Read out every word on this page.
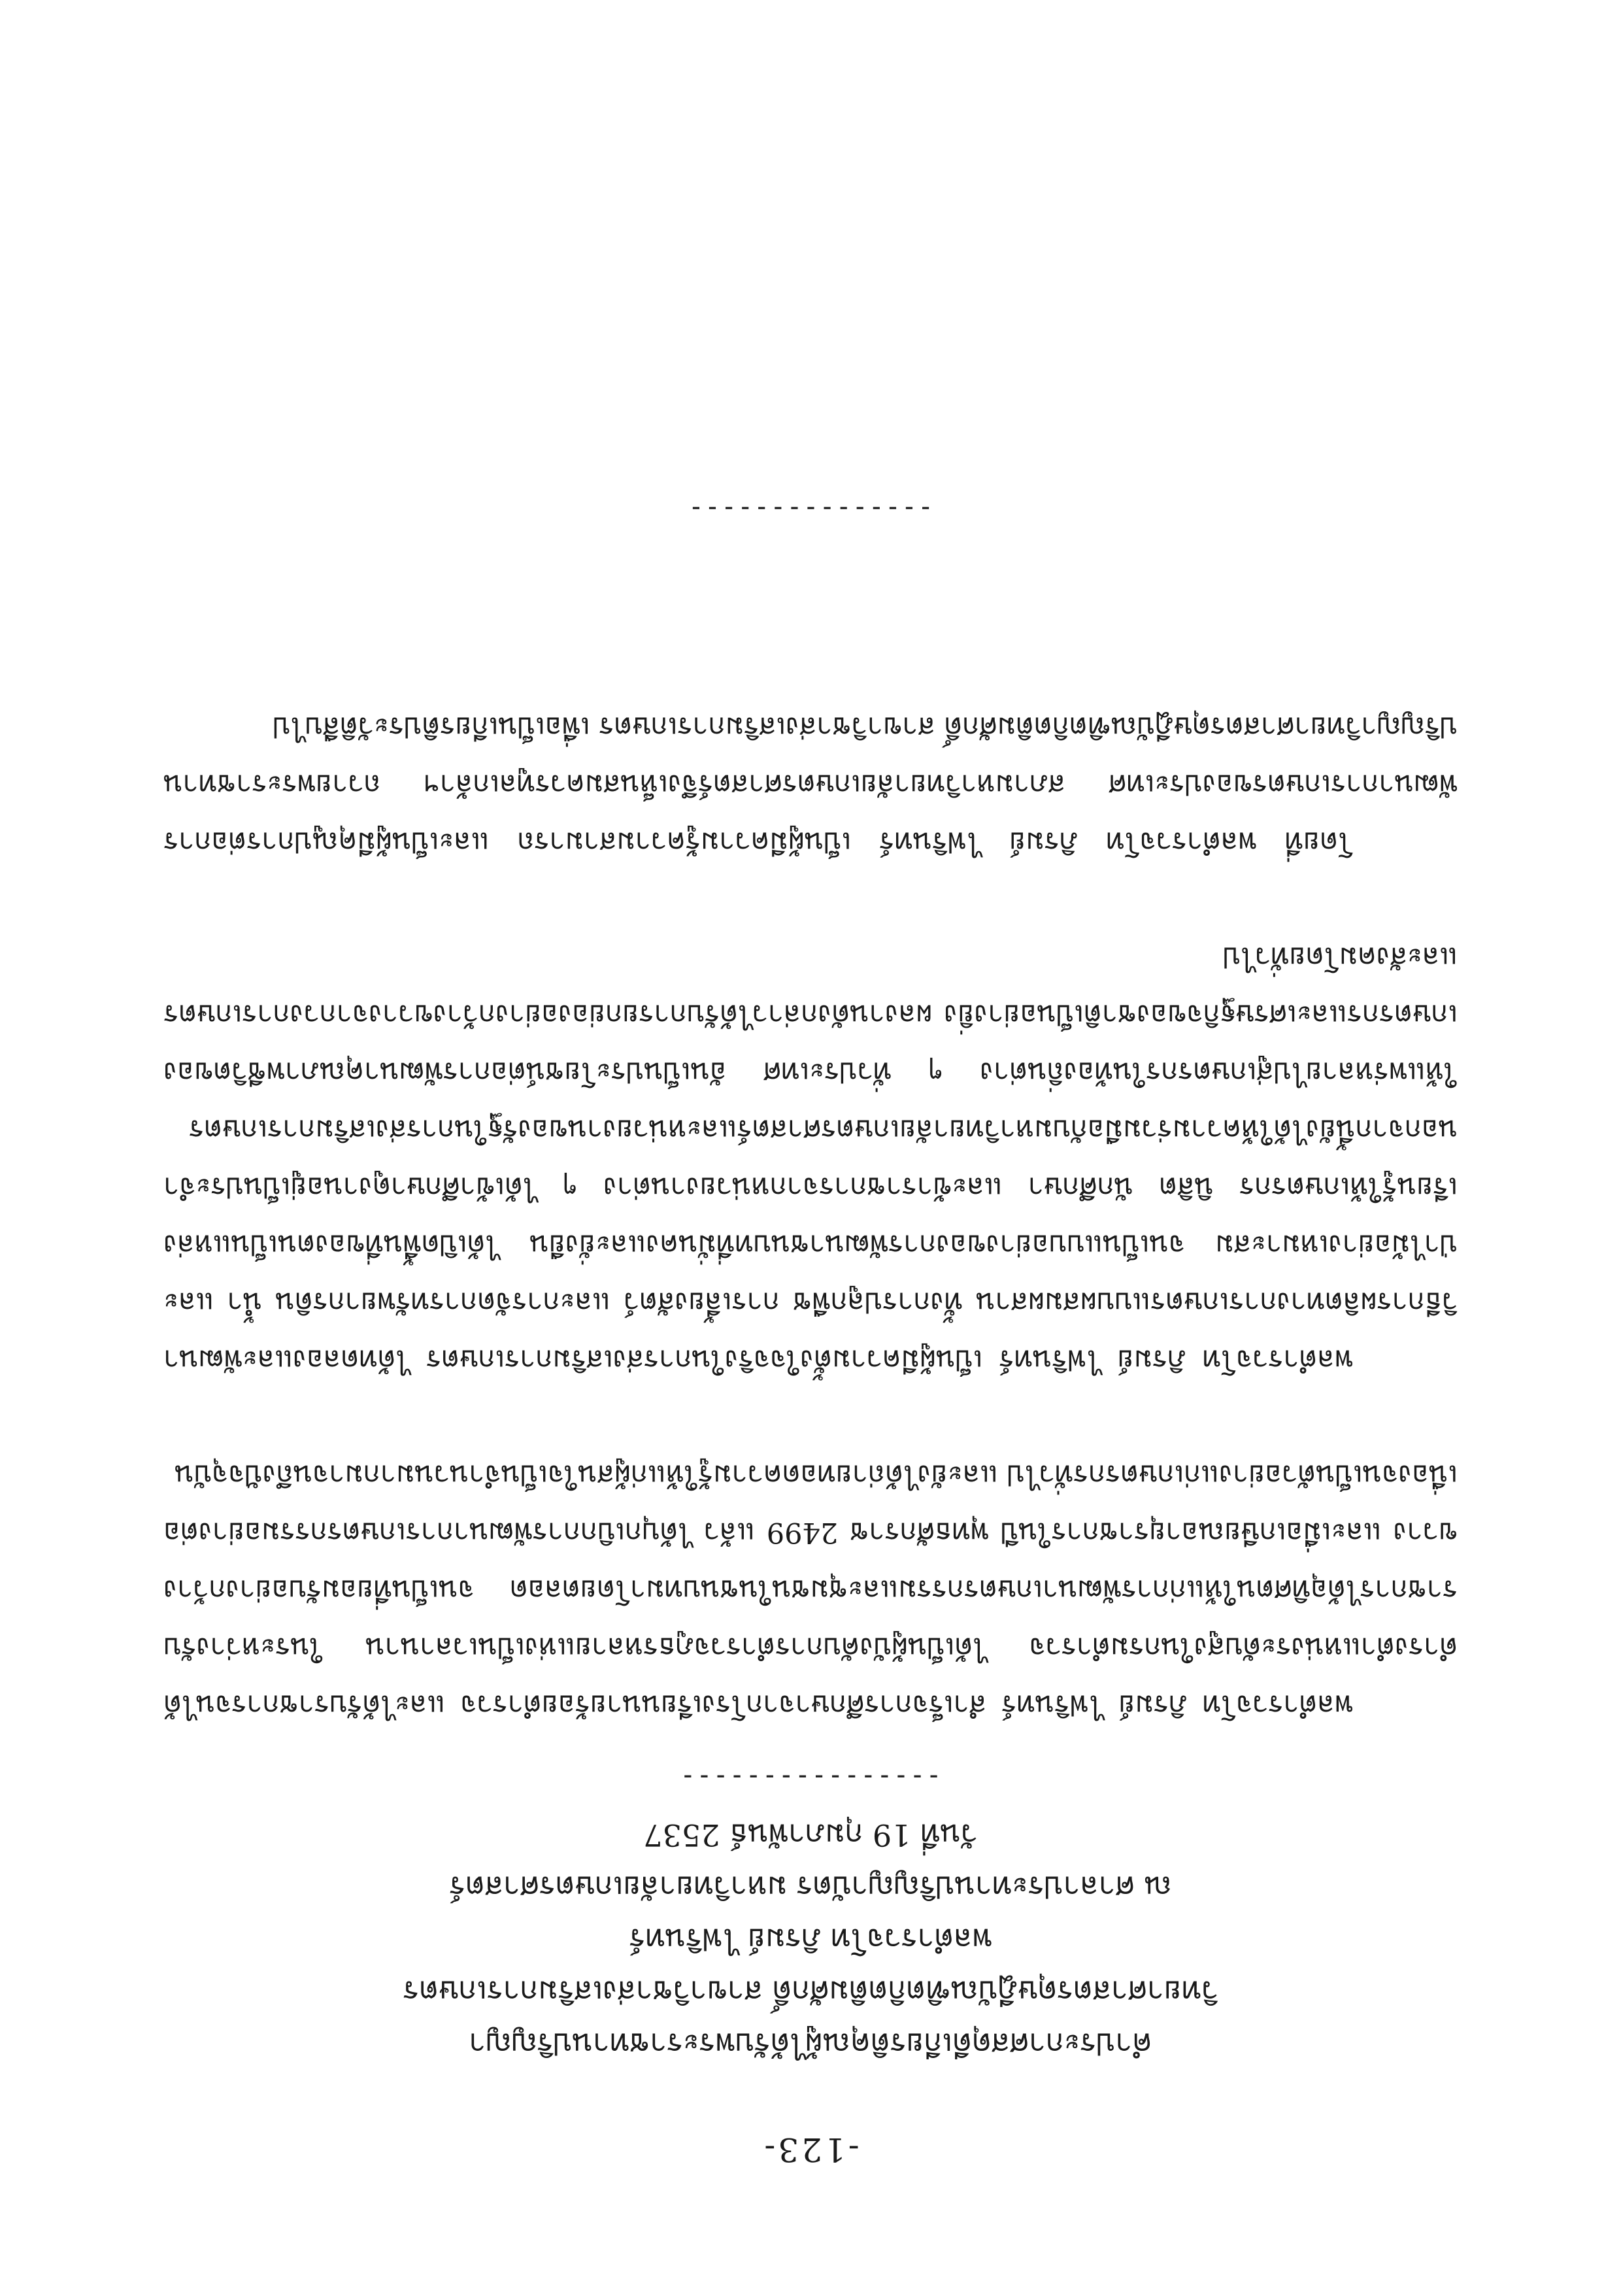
-123-
คำประกาศสดุดีเกียรติคุณผู้ได้รับพระราชทานปริญญา
วิทยาศาสตรดุษฎีบัณฑิตกิตติมศักดิ์ สาขาวิชาส่งเสริมการเกษตร
พลตำรวจโท ภิรมย์ ไฟรินทร์
ณ ศาลาประทานปริญญาบัตร มหาวิทยาลัยเกษตรศาสตร์
วันที่ 19 กุมภาพันธ์ 2537
----------------

พลตำรวจโท ภิรมย์ ไฟรินทร์ สำเร็จการศึกษาจากโรงเรียนนายร้อยตำรวจ และได้รับราชการจนได้ดำรงตำแหน่งระดับสูงในกรมตำรวจ ได้เป็นผู้บังคับการตำรวจภูธรหลายแห่งเป็นเวลานาน ในระหว่างรับราชการได้อุทิศตนให้แก่การพัฒนาเกษตรกรรมและชุมชนในชนบทมาโดยตลอด จนเป็นที่ยอมรับอย่างกว้างขวาง และเมื่อเกษียณอายุราชการในปี พุทธศักราช 2499 แล้ว ได้บุกเบิกการพัฒนาการเกษตรกรรมอย่างต่อเนื่องจนเป็นตัวอย่างแก่เกษตรกรทั่วไป และยังได้ถ่ายทอดความรู้ให้แก่ผู้สนใจเป็นจำนวนมากมาจนถึงปัจจุบัน

พลตำรวจโท ภิรมย์ ไฟรินทร์ เป็นผู้มีความตั้งใจจริงในการส่งเสริมการเกษตร ได้ทดลองและพัฒนาวิธีการผลิตทางการเกษตรแบบผสมผสาน ทั้งการปลูกพืช การเลี้ยงสัตว์ และการจัดการทรัพยากรดิน น้ำ และป่าไม้อย่างเหมาะสม จนเป็นแบบอย่างของการพัฒนาชนบทที่มั่นคงและยั่งยืน ได้เปิดพื้นที่ของตนเป็นแหล่งเรียนรู้ให้เกษตรกร นิสิต นักศึกษา และข้าราชการจากหน่วยงานต่าง ๆ ได้เข้าศึกษาดูงานอยู่เป็นประจำ นอกจากนี้ยังได้ให้ความร่วมมือกับมหาวิทยาลัยเกษตรศาสตร์และหน่วยงานของรัฐในการส่งเสริมการเกษตรให้แพร่หลายไปสู่เกษตรกรในท้องถิ่นต่าง ๆ ทั่วประเทศ อันเป็นประโยชน์ต่อการพัฒนาคุณภาพชีวิตของเกษตรกรและเศรษฐกิจของชาติเป็นอย่างยิ่ง ผลงานดังกล่าวได้รับการยกย่องอย่างกว้างขวางจากวงการเกษตรและสังคมโดยทั่วไป

โดยที่ พลตำรวจโท ภิรมย์ ไฟรินทร์ เป็นผู้มีความรู้ความสามารถ และเป็นผู้มีคุณูปการต่อการพัฒนาการเกษตรของประเทศ สภามหาวิทยาลัยเกษตรศาสตร์จึงเห็นสมควรทูลเกล้าฯ ถวายพระราชทานปริญญาวิทยาศาสตรดุษฎีบัณฑิตกิตติมศักดิ์ สาขาวิชาส่งเสริมการเกษตร เพื่อเป็นเกียรติประวัติสืบไป

---------------
